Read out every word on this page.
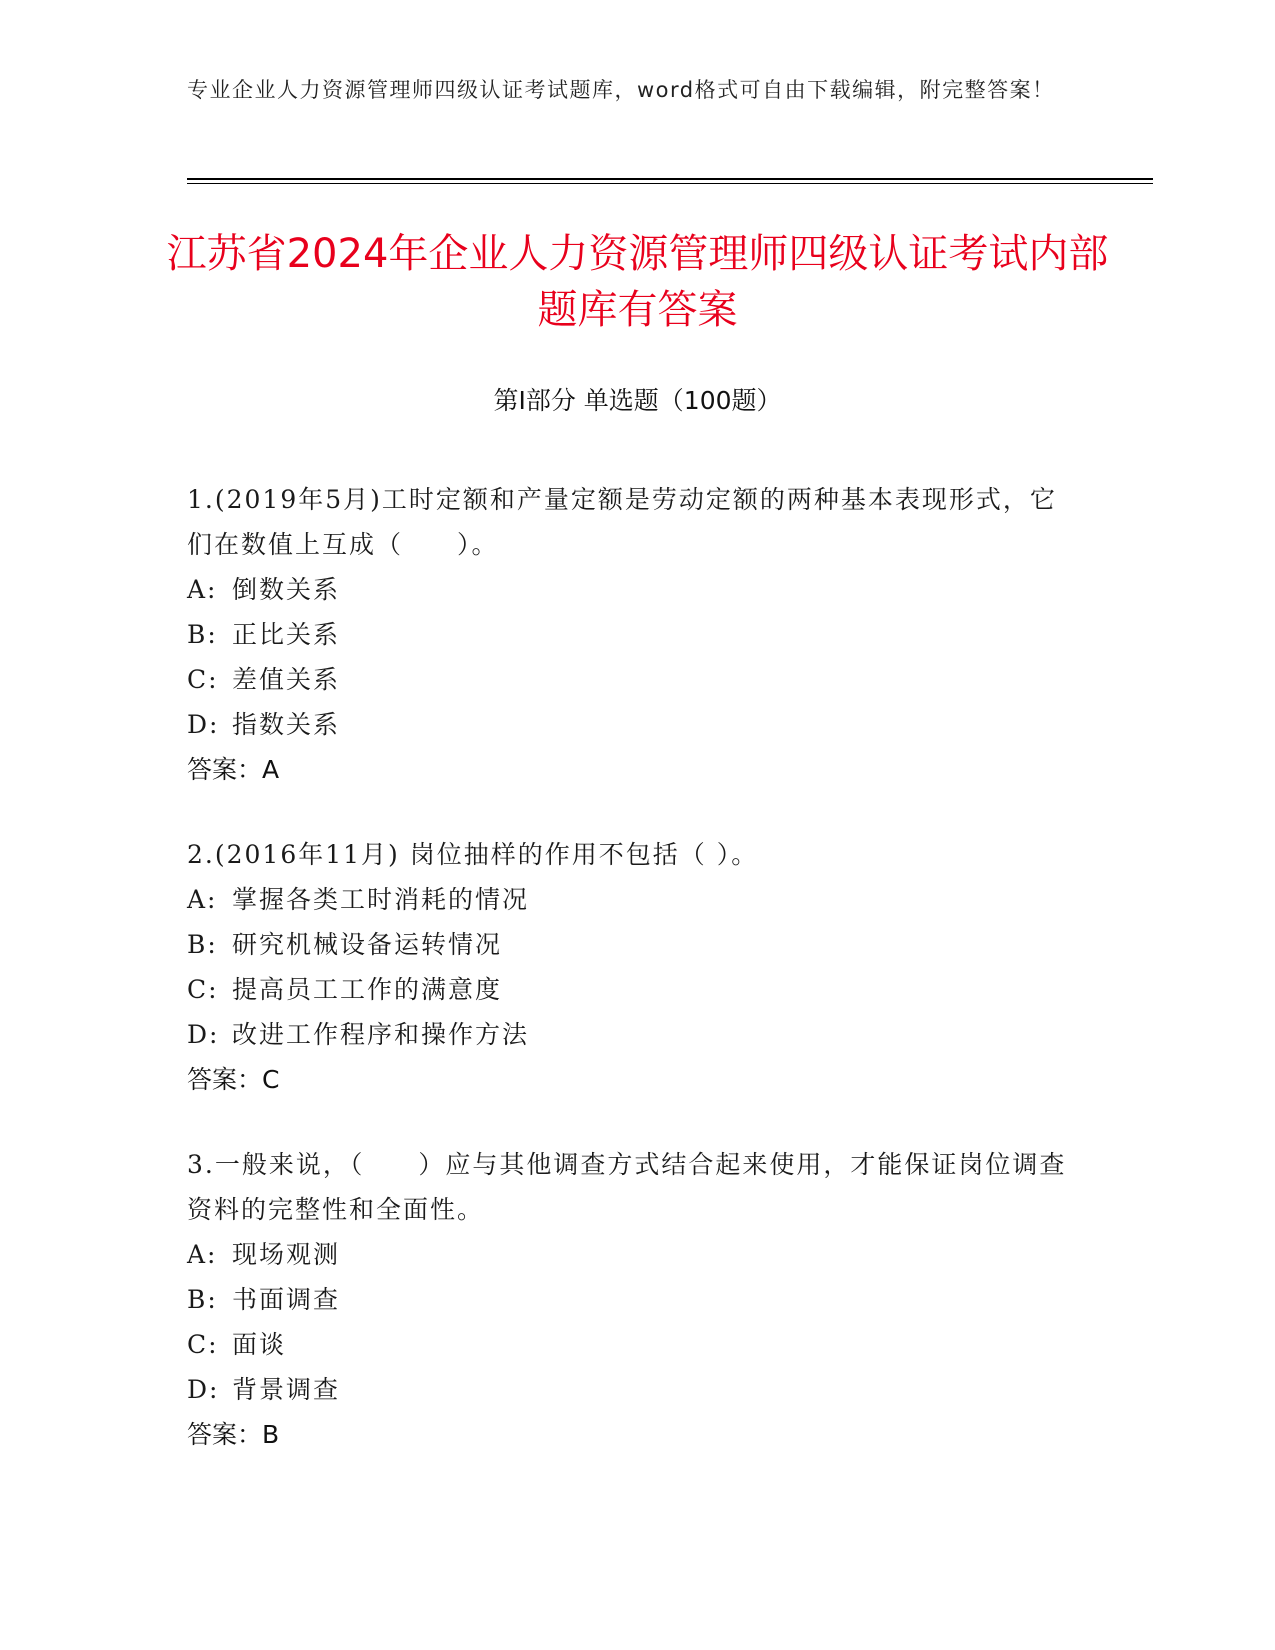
专业企业人力资源管理师四级认证考试题库，word格式可自由下载编辑，附完整答案！
江苏省2024年企业人力资源管理师四级认证考试内部题库有答案
第I部分 单选题（100题）
1.(2019年5月)工时定额和产量定额是劳动定额的两种基本表现形式，它们在数值上互成（　　）。
A: 倒数关系
B: 正比关系
C: 差值关系
D: 指数关系
答案：A
2.(2016年11月) 岗位抽样的作用不包括（ ）。
A: 掌握各类工时消耗的情况
B: 研究机械设备运转情况
C: 提高员工工作的满意度
D: 改进工作程序和操作方法
答案：C
3.一般来说，（　　）应与其他调查方式结合起来使用，才能保证岗位调查资料的完整性和全面性。
A: 现场观测
B: 书面调查
C: 面谈
D: 背景调查
答案：B
